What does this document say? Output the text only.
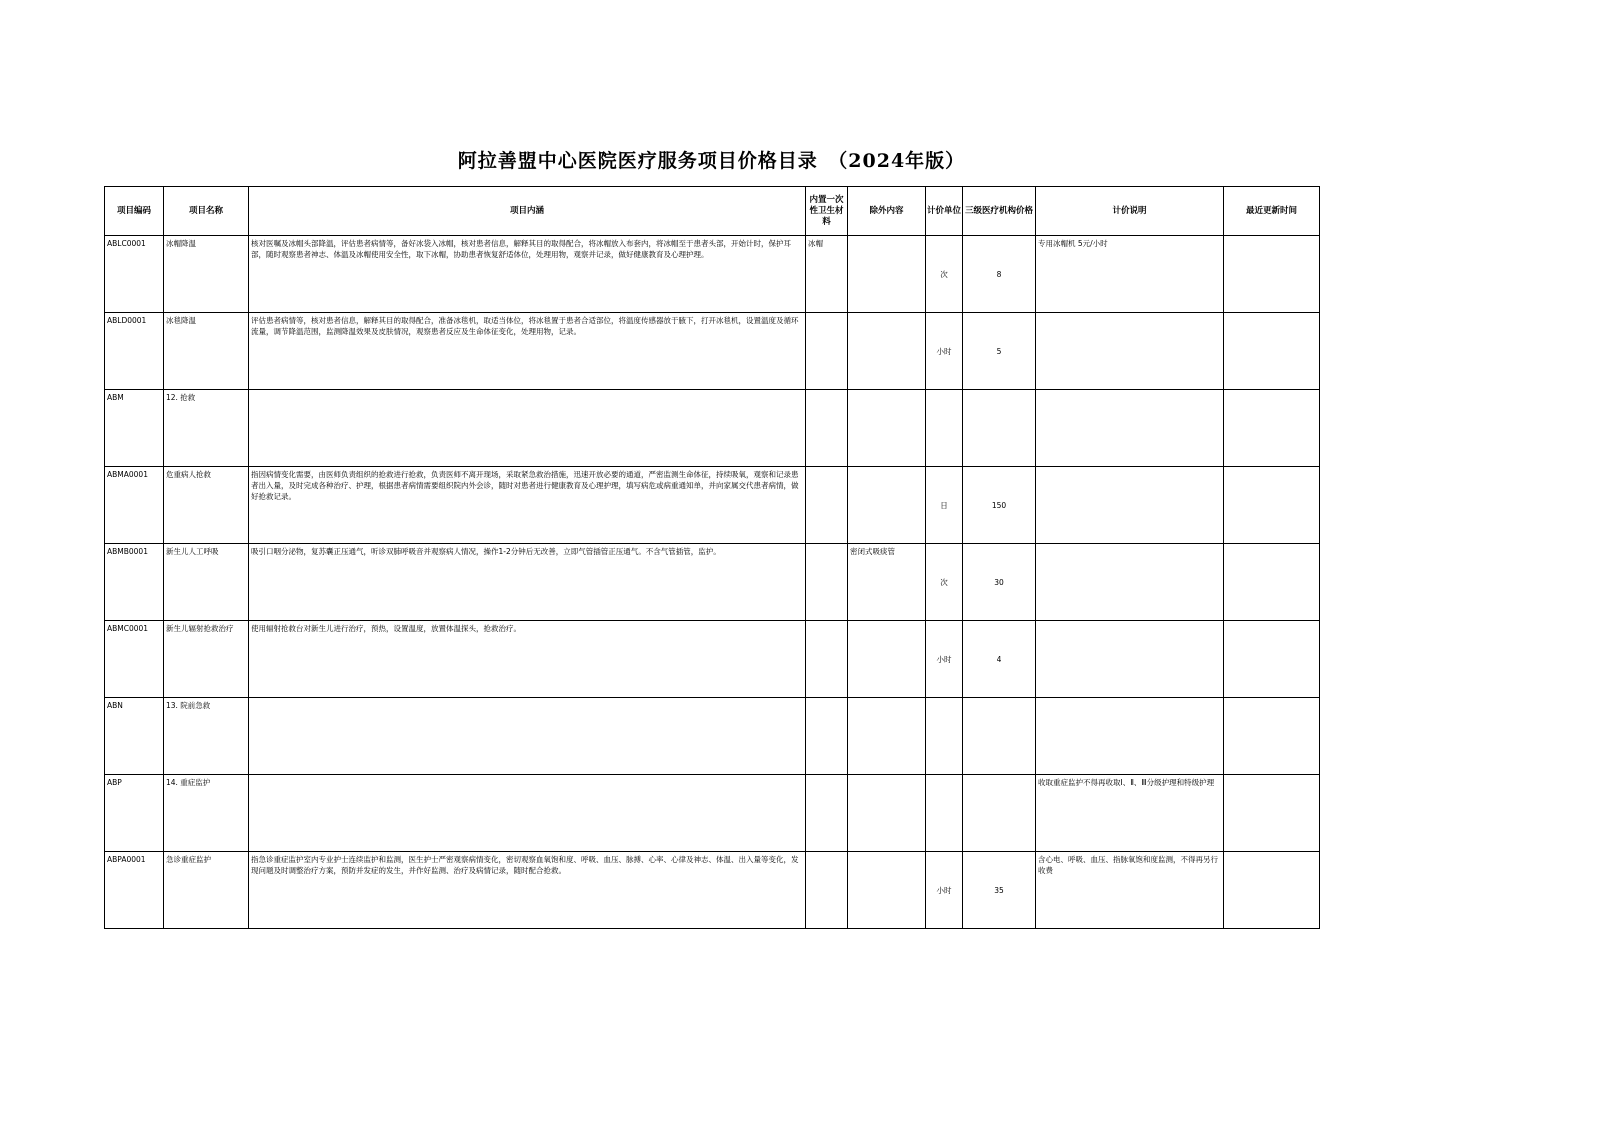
阿拉善盟中心医院医疗服务项目价格目录　（2024年版）
项目编码	项目名称	项目内涵	内置一次性卫生材料	除外内容	计价单位	三级医疗机构价格	计价说明	最近更新时间
ABLC0001	冰帽降温	核对医嘱及冰帽头部降温，评估患者病情等，备好冰袋入冰帽，核对患者信息，解释其目的取得配合，将冰帽放入布套内，将冰帽至于患者头部，开始计时，保护耳部，随时观察患者神志、体温及冰帽使用安全性，取下冰帽，协助患者恢复舒适体位，处理用物，观察并记录，做好健康教育及心理护理。	冰帽		次	8	专用冰帽机 5元/小时	
ABLD0001	冰毯降温	评估患者病情等，核对患者信息，解释其目的取得配合，准备冰毯机，取适当体位，将冰毯置于患者合适部位，将温度传感器放于腋下，打开冰毯机，设置温度及循环流量，调节降温范围，监测降温效果及皮肤情况，观察患者反应及生命体征变化，处理用物，记录。			小时	5		
ABM	12. 抢救							
ABMA0001	危重病人抢救	指因病情变化需要，由医师负责组织的抢救进行抢救，负责医师不离开现场，采取紧急救治措施，迅速开放必要的通道，严密监测生命体征，持续吸氧，观察和记录患者出入量，及时完成各种治疗、护理，根据患者病情需要组织院内外会诊，随时对患者进行健康教育及心理护理，填写病危或病重通知单，并向家属交代患者病情，做好抢救记录。			日	150		
ABMB0001	新生儿人工呼吸	吸引口咽分泌物，复苏囊正压通气，听诊双肺呼吸音并观察病人情况，操作1-2分钟后无改善，立即气管插管正压通气。不含气管插管，监护。		密闭式吸痰管	次	30		
ABMC0001	新生儿辐射抢救治疗	使用辐射抢救台对新生儿进行治疗，预热，设置温度，放置体温探头，抢救治疗。			小时	4		
ABN	13. 院前急救							
ABP	14. 重症监护						收取重症监护不得再收取Ⅰ、Ⅱ、Ⅲ分级护理和特级护理	
ABPA0001	急诊重症监护	指急诊重症监护室内专业护士连续监护和监测，医生护士严密观察病情变化，密切观察血氧饱和度、呼吸、血压、脉搏、心率、心律及神志、体温、出入量等变化，发现问题及时调整治疗方案，预防并发症的发生，并作好监测、治疗及病情记录，随时配合抢救。			小时	35	含心电、呼吸、血压、指脉氧饱和度监测，不得再另行收费	
